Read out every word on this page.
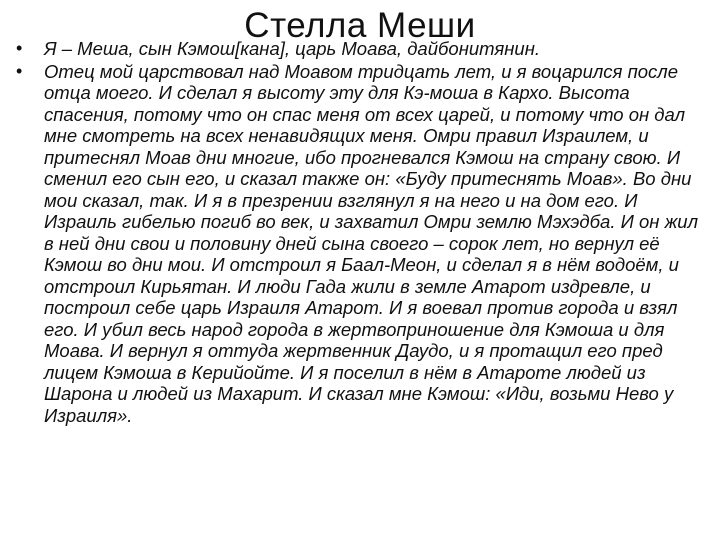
Стелла Меши
• Я – Меша, сын Кэмош[кана], царь Моава, дайбонитянин.
• Отец мой царствовал над Моавом тридцать лет, и я воцарился после отца моего. И сделал я высоту эту для Кэ-моша в Кархо. Высота спасения, потому что он спас меня от всех царей, и потому что он дал мне смотреть на всех ненавидящих меня. Омри правил Израилем, и притеснял Моав дни многие, ибо прогневался Кэмош на страну свою. И сменил его сын его, и сказал также он: «Буду притеснять Моав». Во дни мои сказал, так. И я в презрении взглянул я на него и на дом его. И Израиль гибелью погиб во век, и захватил Омри землю Мэхэдба. И он жил в ней дни свои и половину дней сына своего – сорок лет, но вернул её Кэмош во дни мои. И отстроил я Баал-Меон, и сделал я в нём водоём, и отстроил Кирьятан. И люди Гада жили в земле Атарот издревле, и построил себе царь Израиля Атарот. И я воевал против города и взял его. И убил весь народ города в жертвоприношение для Кэмоша и для Моава. И вернул я оттуда жертвенник Даудо, и я протащил его пред лицем Кэмоша в Керийойте. И я поселил в нём в Атароте людей из Шарона и людей из Махарит. И сказал мне Кэмош: «Иди, возьми Нево у Израиля».
